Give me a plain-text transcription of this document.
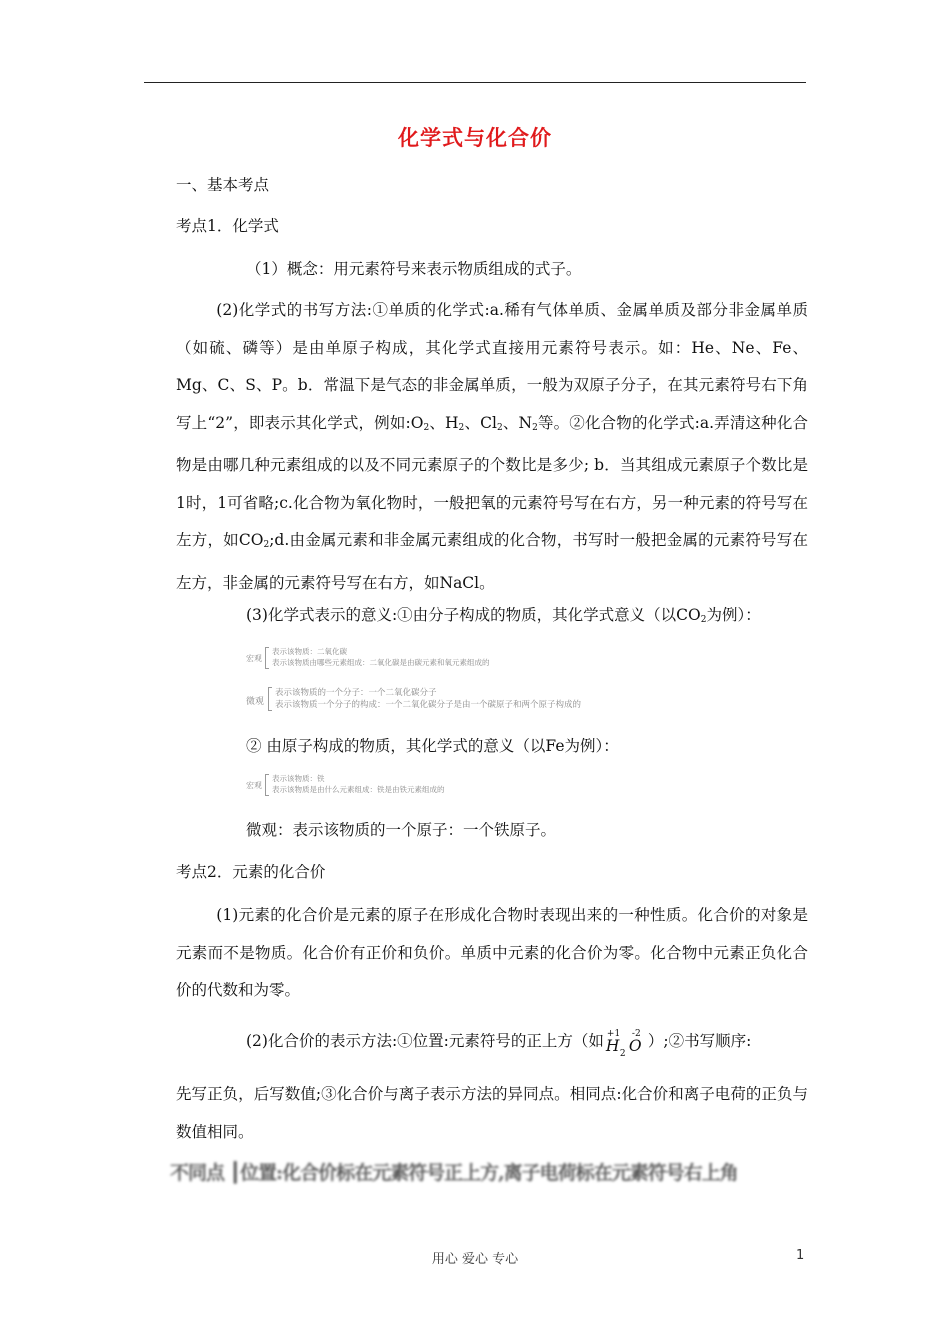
化学式与化合价
一、基本考点
考点1．化学式
（1）概念：用元素符号来表示物质组成的式子。
(2)化学式的书写方法:①单质的化学式:a.稀有气体单质、金属单质及部分非金属单质（如硫、磷等）是由单原子构成，其化学式直接用元素符号表示。如：He、Ne、Fe、Mg、C、S、P。b．常温下是气态的非金属单质，一般为双原子分子，在其元素符号右下角写上“2”，即表示其化学式，例如$:O_2$、$H_2$、$Cl_2$、$N_2$等。②化合物的化学式:a.弄清这种化合物是由哪几种元素组成的以及不同元素原子的个数比是多少; b．当其组成元素原子个数比是1时，1可省略;c.化合物为氧化物时，一般把氧的元素符号写在右方，另一种元素的符号写在左方，如$CO_2;d$.由金属元素和非金属元素组成的化合物，书写时一般把金属的元素符号写在左方，非金属的元素符号写在右方，如NaCl。
(3)化学式表示的意义:①由分子构成的物质，其化学式意义（以$CO_2$为例）：
宏观
表示该物质：二氧化碳
表示该物质由哪些元素组成：二氧化碳是由碳元素和氧元素组成的
微观
表示该物质的一个分子：一个二氧化碳分子
表示该物质一个分子的构成：一个二氧化碳分子是由一个碳原子和两个原子构成的
② 由原子构成的物质，其化学式的意义（以Fe为例）：
宏观
表示该物质：铁
表示该物质是由什么元素组成：铁是由铁元素组成的
微观：表示该物质的一个原子：一个铁原子。
考点2．元素的化合价
(1)元素的化合价是元素的原子在形成化合物时表现出来的一种性质。化合价的对象是元素而不是物质。化合价有正价和负价。单质中元素的化合价为零。化合物中元素正负化合价的代数和为零。
(2)化合价的表示方法:①位置:元素符号的正上方（如 +1 -2
H 2 O ）;②书写顺序:
先写正负，后写数值;③化合价与离子表示方法的异同点。相同点:化合价和离子电荷的正负与数值相同。
不同点 ┃位置:化合价标在元素符号正上方,离子电荷标在元素符号右上角
用心 爱心 专心	1
